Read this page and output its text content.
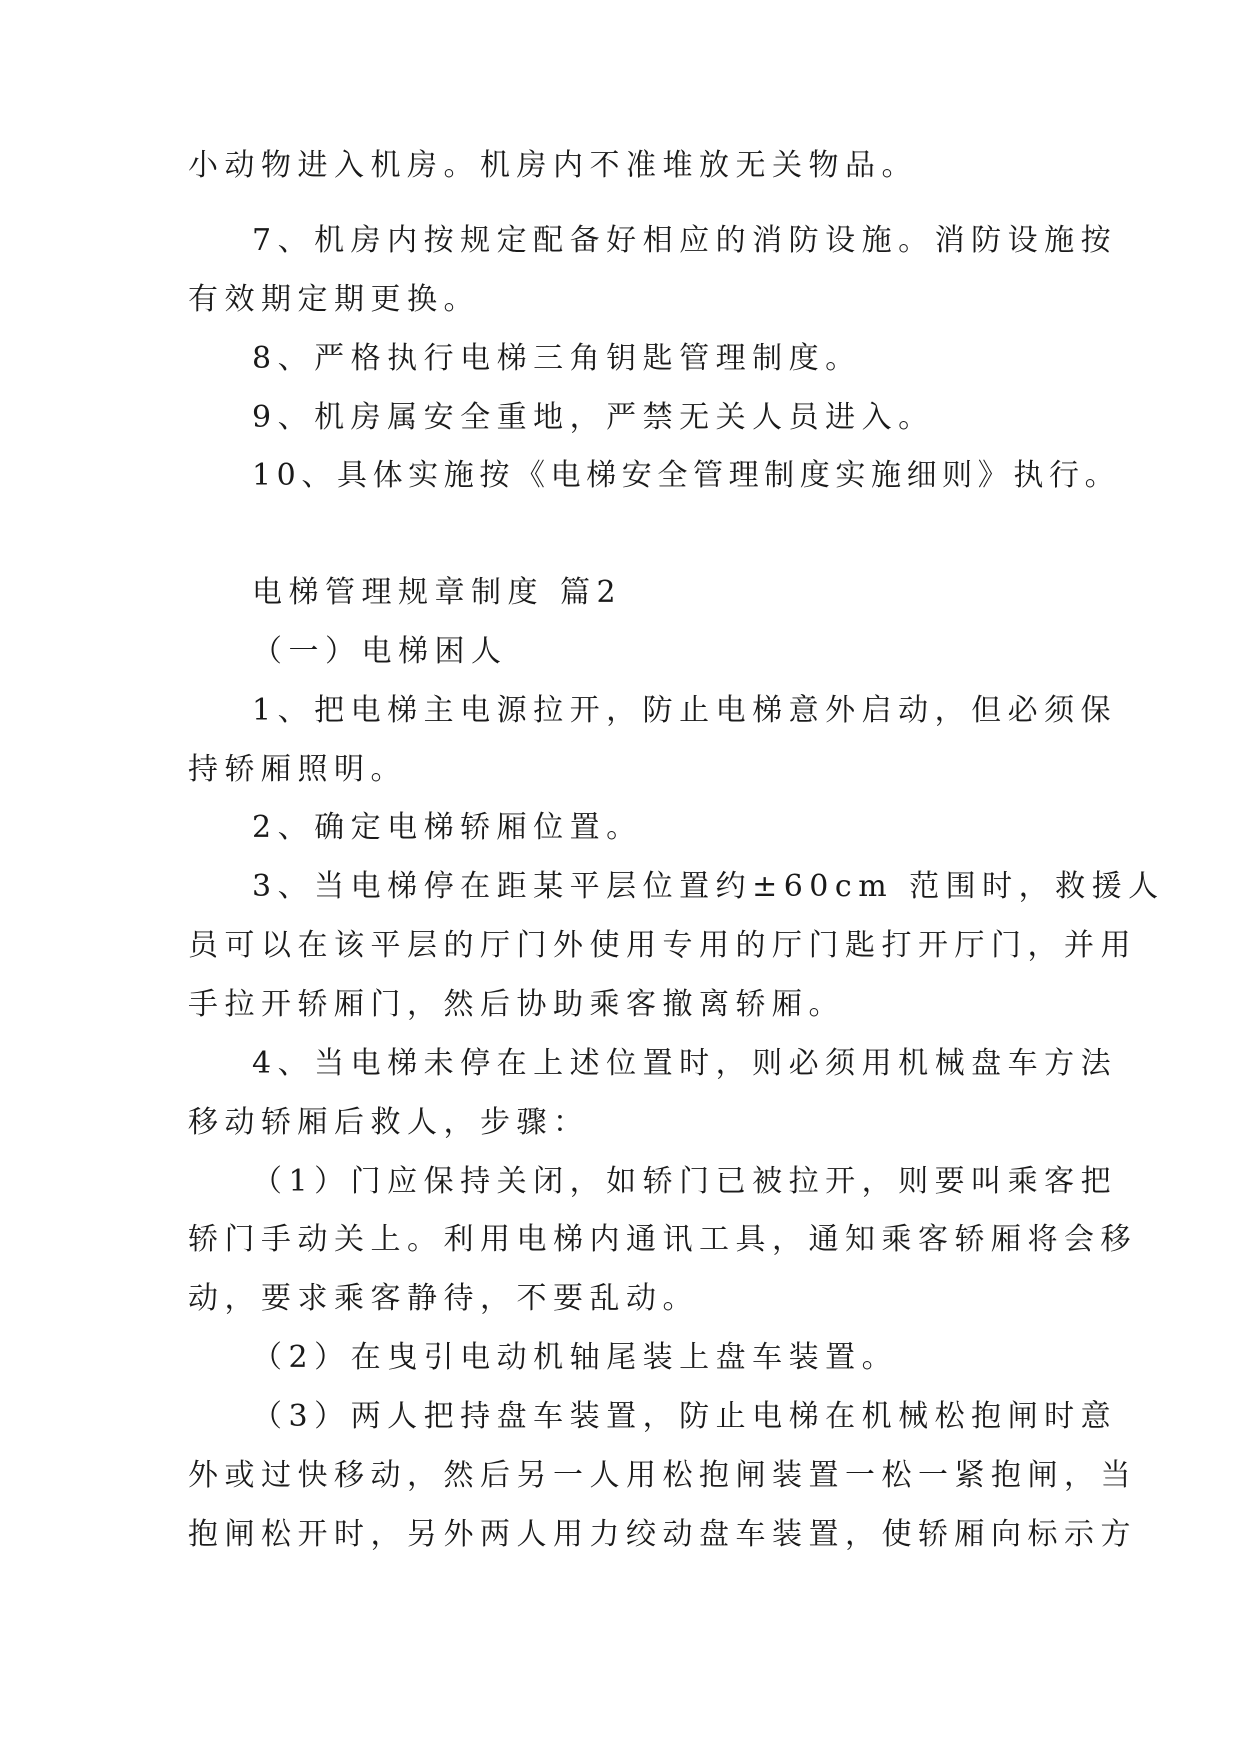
小动物进入机房。机房内不准堆放无关物品。
7、机房内按规定配备好相应的消防设施。消防设施按
有效期定期更换。
8、严格执行电梯三角钥匙管理制度。
9、机房属安全重地，严禁无关人员进入。
10、具体实施按《电梯安全管理制度实施细则》执行。
电梯管理规章制度 篇2
（一）电梯困人
1、把电梯主电源拉开，防止电梯意外启动，但必须保
持轿厢照明。
2、确定电梯轿厢位置。
3、当电梯停在距某平层位置约±60cm 范围时，救援人
员可以在该平层的厅门外使用专用的厅门匙打开厅门，并用
手拉开轿厢门，然后协助乘客撤离轿厢。
4、当电梯未停在上述位置时，则必须用机械盘车方法
移动轿厢后救人，步骤：
（1）门应保持关闭，如轿门已被拉开，则要叫乘客把
轿门手动关上。利用电梯内通讯工具，通知乘客轿厢将会移
动，要求乘客静待，不要乱动。
（2）在曳引电动机轴尾装上盘车装置。
（3）两人把持盘车装置，防止电梯在机械松抱闸时意
外或过快移动，然后另一人用松抱闸装置一松一紧抱闸，当
抱闸松开时，另外两人用力绞动盘车装置，使轿厢向标示方
